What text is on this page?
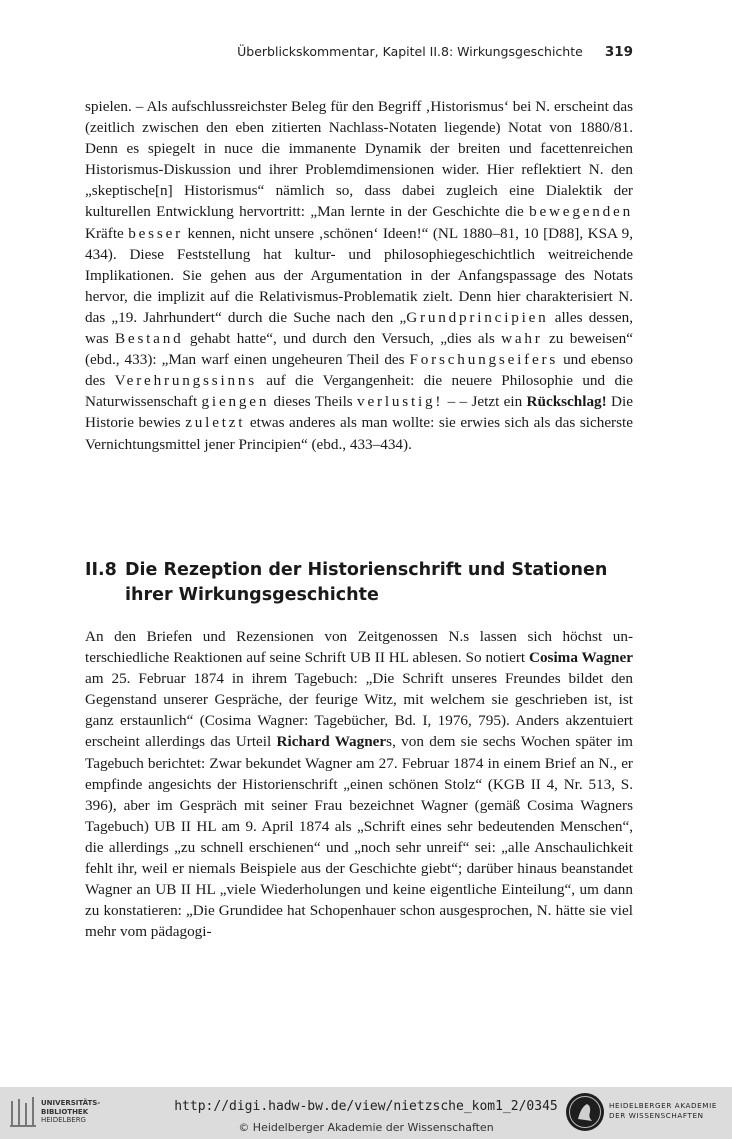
Überblickskommentar, Kapitel II.8: Wirkungsgeschichte 319

spielen. – Als aufschlussreichster Beleg für den Begriff ‚Historismus‘ bei N. erscheint das (zeitlich zwischen den eben zitierten Nachlass-Notaten liegende) Notat von 1880/81. Denn es spiegelt in nuce die immanente Dynamik der breiten und facettenreichen Historismus-Diskussion und ihrer Problemdimensionen wider. Hier reflektiert N. den „skeptische[n] Historismus“ nämlich so, dass dabei zugleich eine Dialektik der kulturellen Entwicklung hervortritt: „Man lernte in der Geschichte die bewegenden Kräfte besser kennen, nicht unsere ‚schönen‘ Ideen!“ (NL 1880–81, 10 [D88], KSA 9, 434). Diese Feststellung hat kultur- und philosophiegeschichtlich weitreichende Implikationen. Sie gehen aus der Argumentation in der Anfangspassage des Notats hervor, die implizit auf die Relativismus-Problematik zielt. Denn hier charakterisiert N. das „19. Jahrhundert“ durch die Suche nach den „Grundprincipien alles dessen, was Bestand gehabt hatte“, und durch den Versuch, „dies als wahr zu beweisen“ (ebd., 433): „Man warf einen ungeheuren Theil des Forschungseifers und ebenso des Verehrungssinns auf die Vergangenheit: die neuere Philosophie und die Naturwissenschaft giengen dieses Theils verlustig! – – Jetzt ein Rückschlag! Die Historie bewies zuletzt etwas anderes als man wollte: sie erwies sich als das sicherste Vernichtungsmittel jener Principien“ (ebd., 433–434).

II.8 Die Rezeption der Historienschrift und Stationen
ihrer Wirkungsgeschichte

An den Briefen und Rezensionen von Zeitgenossen N.s lassen sich höchst unterschiedliche Reaktionen auf seine Schrift UB II HL ablesen. So notiert Cosima Wagner am 25. Februar 1874 in ihrem Tagebuch: „Die Schrift unseres Freundes bildet den Gegenstand unserer Gespräche, der feurige Witz, mit welchem sie geschrieben ist, ist ganz erstaunlich“ (Cosima Wagner: Tagebücher, Bd. I, 1976, 795). Anders akzentuiert erscheint allerdings das Urteil Richard Wagners, von dem sie sechs Wochen später im Tagebuch berichtet: Zwar bekundet Wagner am 27. Februar 1874 in einem Brief an N., er empfinde angesichts der Historienschrift „einen schönen Stolz“ (KGB II 4, Nr. 513, S. 396), aber im Gespräch mit seiner Frau bezeichnet Wagner (gemäß Cosima Wagners Tagebuch) UB II HL am 9. April 1874 als „Schrift eines sehr bedeutenden Menschen“, die allerdings „zu schnell erschienen“ und „noch sehr unreif“ sei: „alle Anschaulichkeit fehlt ihr, weil er niemals Beispiele aus der Geschichte giebt“; darüber hinaus beanstandet Wagner an UB II HL „viele Wiederholungen und keine eigentliche Einteilung“, um dann zu konstatieren: „Die Grundidee hat Schopenhauer schon ausgesprochen, N. hätte sie viel mehr vom pädagogi-

UNIVERSITÄTS-
BIBLIOTHEK
HEIDELBERG
http://digi.hadw-bw.de/view/nietzsche_kom1_2/0345
© Heidelberger Akademie der Wissenschaften
HEIDELBERGER AKADEMIE
DER WISSENSCHAFTEN
